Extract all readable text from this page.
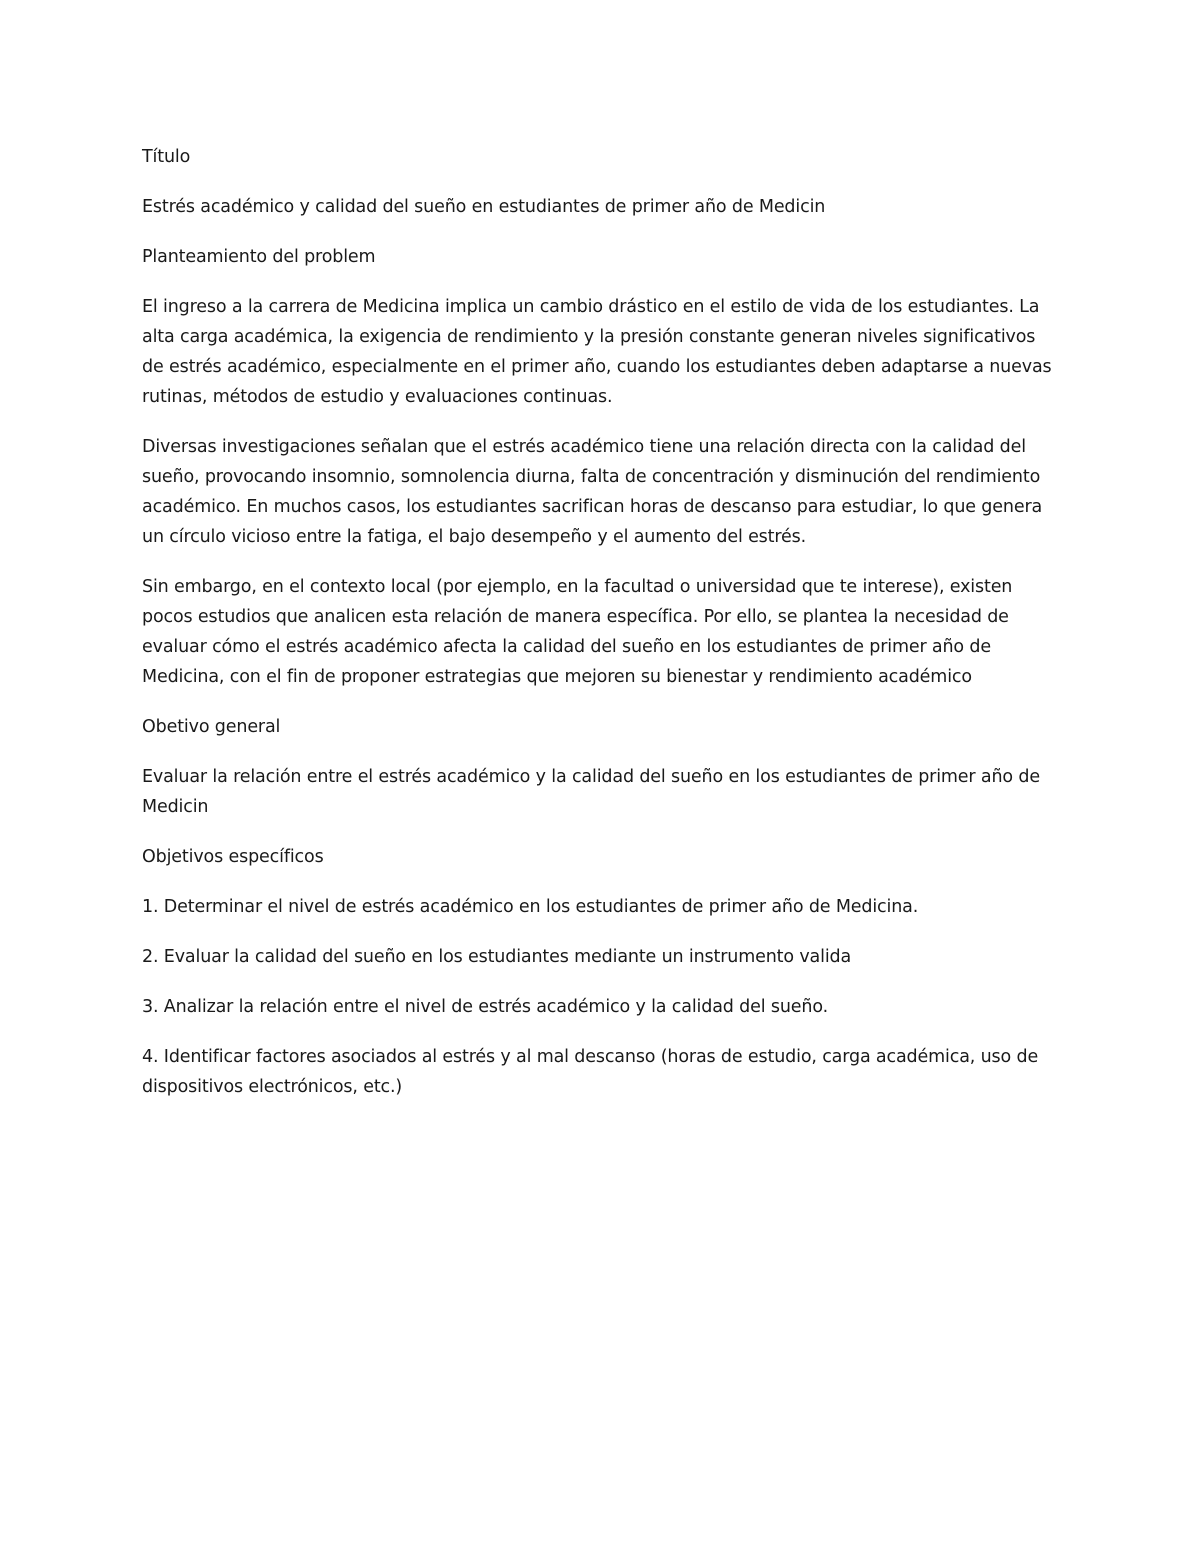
Título

Estrés académico y calidad del sueño en estudiantes de primer año de Medicin

Planteamiento del problem

El ingreso a la carrera de Medicina implica un cambio drástico en el estilo de vida de los estudiantes. La alta carga académica, la exigencia de rendimiento y la presión constante generan niveles significativos de estrés académico, especialmente en el primer año, cuando los estudiantes deben adaptarse a nuevas rutinas, métodos de estudio y evaluaciones continuas.

Diversas investigaciones señalan que el estrés académico tiene una relación directa con la calidad del sueño, provocando insomnio, somnolencia diurna, falta de concentración y disminución del rendimiento académico. En muchos casos, los estudiantes sacrifican horas de descanso para estudiar, lo que genera un círculo vicioso entre la fatiga, el bajo desempeño y el aumento del estrés.

Sin embargo, en el contexto local (por ejemplo, en la facultad o universidad que te interese), existen pocos estudios que analicen esta relación de manera específica. Por ello, se plantea la necesidad de evaluar cómo el estrés académico afecta la calidad del sueño en los estudiantes de primer año de Medicina, con el fin de proponer estrategias que mejoren su bienestar y rendimiento académico

Obetivo general

Evaluar la relación entre el estrés académico y la calidad del sueño en los estudiantes de primer año de Medicin

Objetivos específicos

1. Determinar el nivel de estrés académico en los estudiantes de primer año de Medicina.

2. Evaluar la calidad del sueño en los estudiantes mediante un instrumento valida

3. Analizar la relación entre el nivel de estrés académico y la calidad del sueño.

4. Identificar factores asociados al estrés y al mal descanso (horas de estudio, carga académica, uso de dispositivos electrónicos, etc.)
